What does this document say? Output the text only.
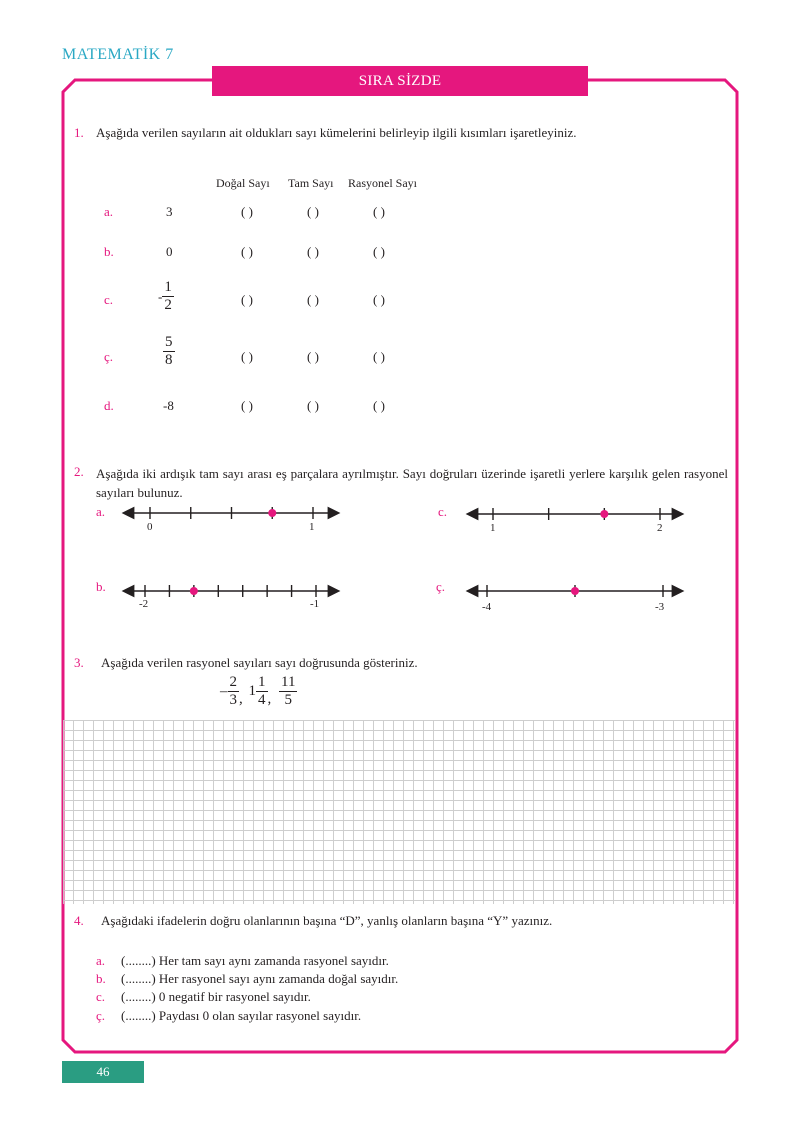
MATEMATİK 7
SIRA SİZDE
1. Aşağıda verilen sayıların ait oldukları sayı kümelerini belirleyip ilgili kısımları işaretleyiniz.
Doğal Sayı Tam Sayı Rasyonel Sayı
a.	3	( )	( )	( )
b.	0	( )	( )	( )
c.	- $\frac{1}{2}$	( )	( )	( )
ç.	$\frac{5}{8}$	( )	( )	( )
d.	-8	( )	( )	( )
2. Aşağıda iki ardışık tam sayı arası eş parçalara ayrılmıştır. Sayı doğruları üzerinde işaretli yerlere karşılık gelen rasyonel sayıları bulunuz.
a.
b.
c.
ç.
0	1
-2	-1
1	2
-4	-3
3. Aşağıda verilen rasyonel sayıları sayı doğrusunda gösteriniz.
– $\frac{2}{3}$ , $1 \frac{1}{4}$ , $\frac{11}{5}$
4. Aşağıdaki ifadelerin doğru olanlarının başına “D”, yanlış olanların başına “Y” yazınız.
a. (........) Her tam sayı aynı zamanda rasyonel sayıdır.
b. (........) Her rasyonel sayı aynı zamanda doğal sayıdır.
c. (........) 0 negatif bir rasyonel sayıdır.
ç. (........) Paydası 0 olan sayılar rasyonel sayıdır.
46
